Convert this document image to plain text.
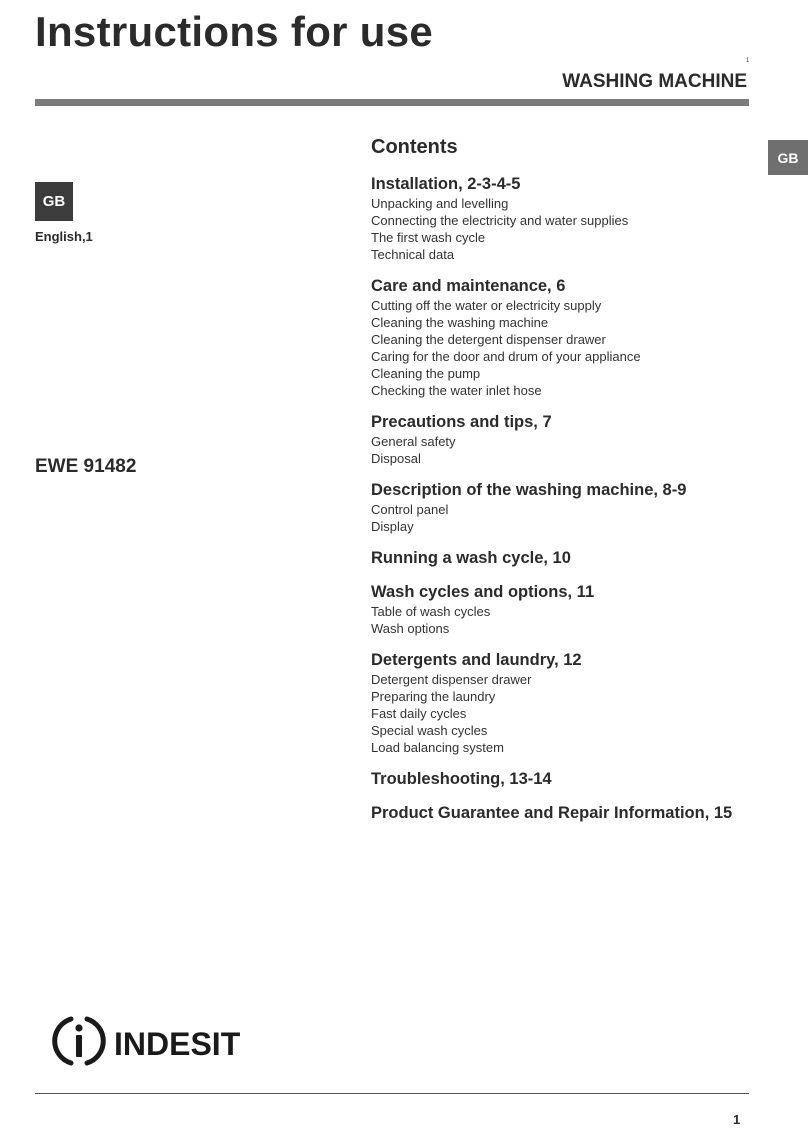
Instructions for use
1
WASHING MACHINE
GB
GB
English,1
EWE 91482
Contents
Installation, 2-3-4-5
Unpacking and levelling
Connecting the electricity and water supplies
The first wash cycle
Technical data
Care and maintenance, 6
Cutting off the water or electricity supply
Cleaning the washing machine
Cleaning the detergent dispenser drawer
Caring for the door and drum of your appliance
Cleaning the pump
Checking the water inlet hose
Precautions and tips, 7
General safety
Disposal
Description of the washing machine, 8-9
Control panel
Display
Running a wash cycle, 10
Wash cycles and options, 11
Table of wash cycles
Wash options
Detergents and laundry, 12
Detergent dispenser drawer
Preparing the laundry
Fast daily cycles
Special wash cycles
Load balancing system
Troubleshooting, 13-14
Product Guarantee and Repair Information, 15
INDESIT
1
